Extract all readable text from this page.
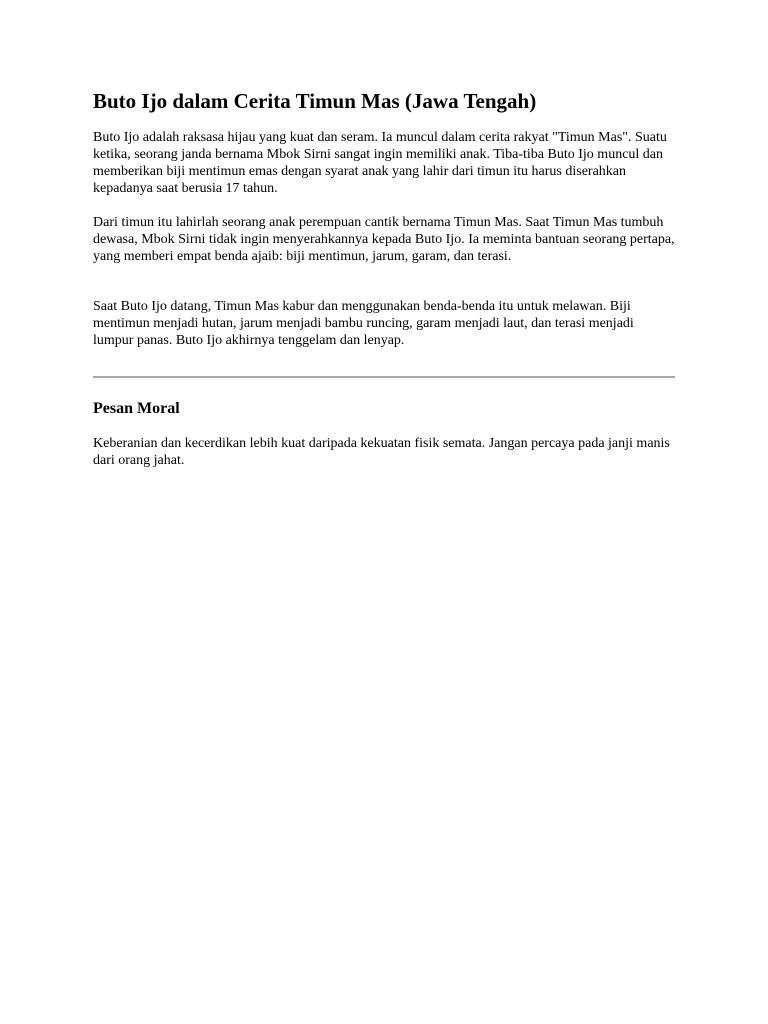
Buto Ijo dalam Cerita Timun Mas (Jawa Tengah)

Buto Ijo adalah raksasa hijau yang kuat dan seram. Ia muncul dalam cerita rakyat "Timun Mas". Suatu ketika, seorang janda bernama Mbok Sirni sangat ingin memiliki anak. Tiba-tiba Buto Ijo muncul dan memberikan biji mentimun emas dengan syarat anak yang lahir dari timun itu harus diserahkan kepadanya saat berusia 17 tahun.

Dari timun itu lahirlah seorang anak perempuan cantik bernama Timun Mas. Saat Timun Mas tumbuh dewasa, Mbok Sirni tidak ingin menyerahkannya kepada Buto Ijo. Ia meminta bantuan seorang pertapa, yang memberi empat benda ajaib: biji mentimun, jarum, garam, dan terasi.

Saat Buto Ijo datang, Timun Mas kabur dan menggunakan benda-benda itu untuk melawan. Biji mentimun menjadi hutan, jarum menjadi bambu runcing, garam menjadi laut, dan terasi menjadi lumpur panas. Buto Ijo akhirnya tenggelam dan lenyap.

Pesan Moral

Keberanian dan kecerdikan lebih kuat daripada kekuatan fisik semata. Jangan percaya pada janji manis dari orang jahat.
